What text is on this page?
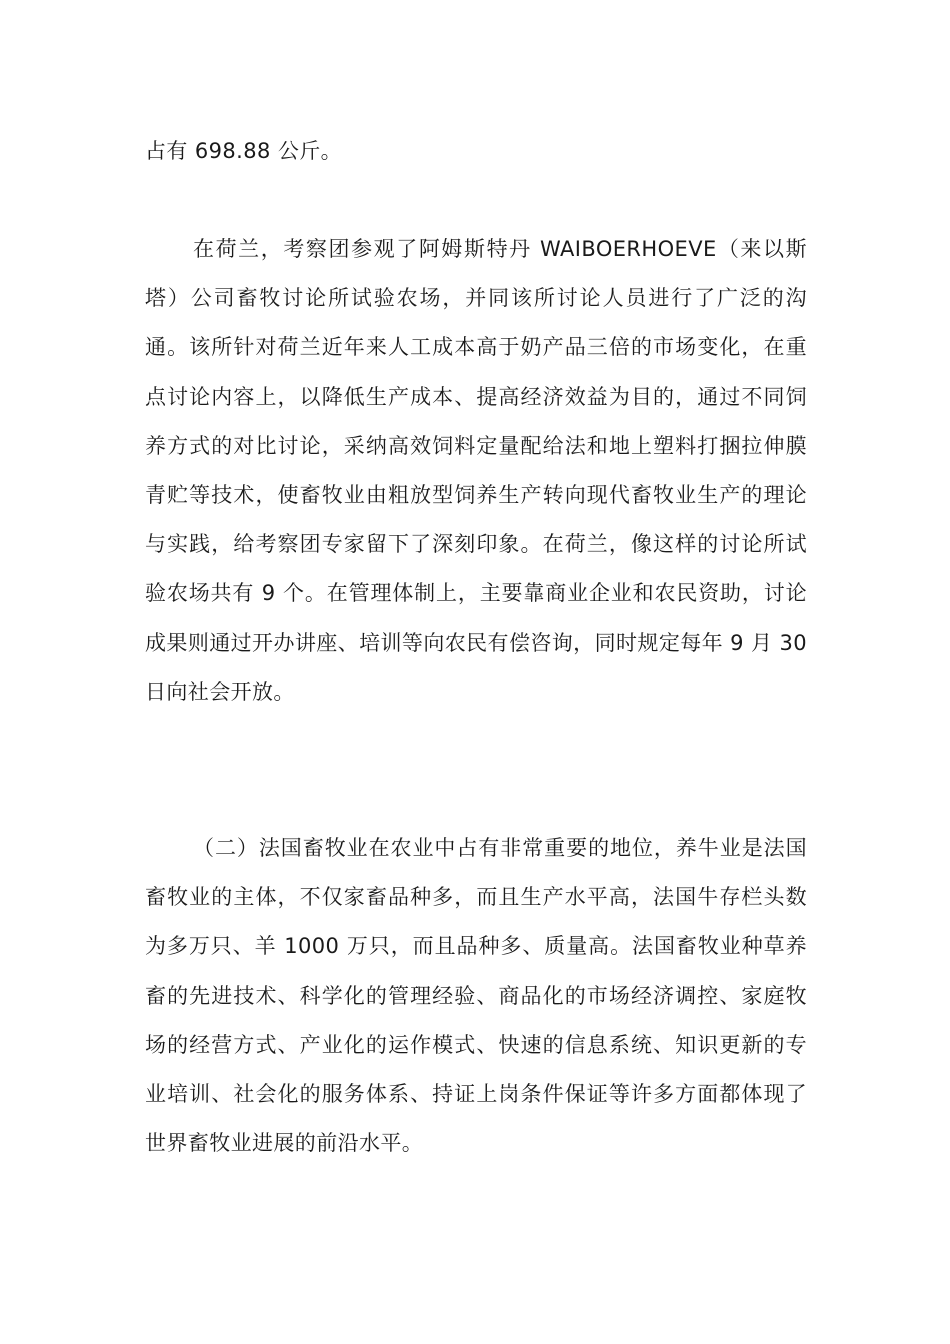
占有 698.88 公斤。

在荷兰，考察团参观了阿姆斯特丹 WAIBOERHOEVE（来以斯塔）公司畜牧讨论所试验农场，并同该所讨论人员进行了广泛的沟通。该所针对荷兰近年来人工成本高于奶产品三倍的市场变化，在重点讨论内容上，以降低生产成本、提高经济效益为目的，通过不同饲养方式的对比讨论，采纳高效饲料定量配给法和地上塑料打捆拉伸膜青贮等技术，使畜牧业由粗放型饲养生产转向现代畜牧业生产的理论与实践，给考察团专家留下了深刻印象。在荷兰，像这样的讨论所试验农场共有 9 个。在管理体制上，主要靠商业企业和农民资助，讨论成果则通过开办讲座、培训等向农民有偿咨询，同时规定每年 9 月 30 日向社会开放。

（二）法国畜牧业在农业中占有非常重要的地位，养牛业是法国畜牧业的主体，不仅家畜品种多，而且生产水平高，法国牛存栏头数为多万只、羊 1000 万只，而且品种多、质量高。法国畜牧业种草养畜的先进技术、科学化的管理经验、商品化的市场经济调控、家庭牧场的经营方式、产业化的运作模式、快速的信息系统、知识更新的专业培训、社会化的服务体系、持证上岗条件保证等许多方面都体现了世界畜牧业进展的前沿水平。
